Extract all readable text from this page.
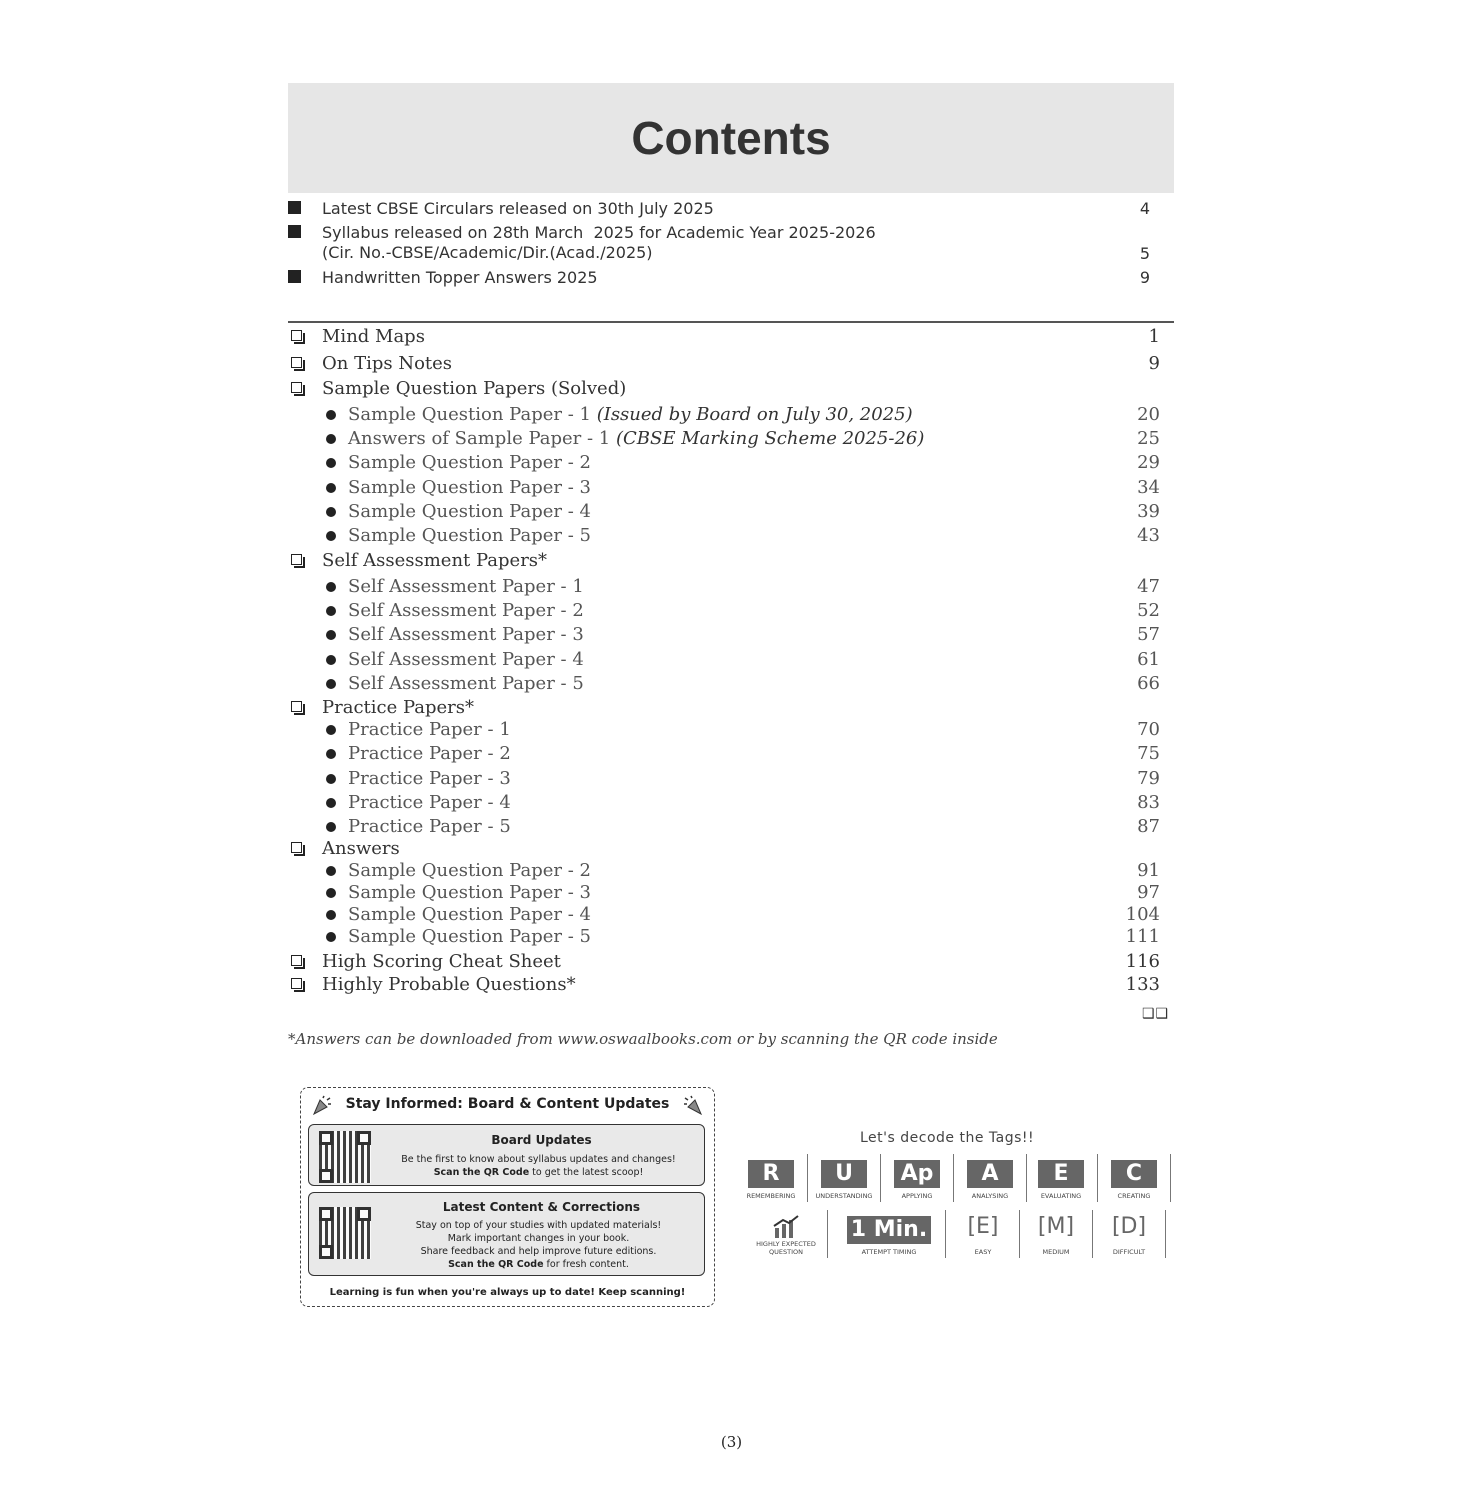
Contents
Latest CBSE Circulars released on 30th July 2025	4
Syllabus released on 28th March  2025 for Academic Year 2025-2026
(Cir. No.-CBSE/Academic/Dir.(Acad./2025)	5
Handwritten Topper Answers 2025	9
Mind Maps	1
On Tips Notes	9
Sample Question Papers (Solved)
Sample Question Paper - 1 (Issued by Board on July 30, 2025)	20
Answers of Sample Paper - 1 (CBSE Marking Scheme 2025-26)	25
Sample Question Paper - 2	29
Sample Question Paper - 3	34
Sample Question Paper - 4	39
Sample Question Paper - 5	43
Self Assessment Papers*
Self Assessment Paper - 1	47
Self Assessment Paper - 2	52
Self Assessment Paper - 3	57
Self Assessment Paper - 4	61
Self Assessment Paper - 5	66
Practice Papers*
Practice Paper - 1	70
Practice Paper - 2	75
Practice Paper - 3	79
Practice Paper - 4	83
Practice Paper - 5	87
Answers
Sample Question Paper - 2	91
Sample Question Paper - 3	97
Sample Question Paper - 4	104
Sample Question Paper - 5	111
High Scoring Cheat Sheet	116
Highly Probable Questions*	133
❑❑
*Answers can be downloaded from www.oswaalbooks.com or by scanning the QR code inside
Stay Informed: Board & Content Updates
Board Updates
Be the first to know about syllabus updates and changes!
Scan the QR Code to get the latest scoop!
Latest Content & Corrections
Stay on top of your studies with updated materials!
Mark important changes in your book.
Share feedback and help improve future editions.
Scan the QR Code for fresh content.
Learning is fun when you're always up to date! Keep scanning!
Let's decode the Tags!!
R
REMEMBERING
U
UNDERSTANDING
Ap
APPLYING
A
ANALYSING
E
EVALUATING
C
CREATING
HIGHLY EXPECTED QUESTION
1 Min.
ATTEMPT TIMING
[E]
EASY
[M]
MEDIUM
[D]
DIFFICULT
(3)
